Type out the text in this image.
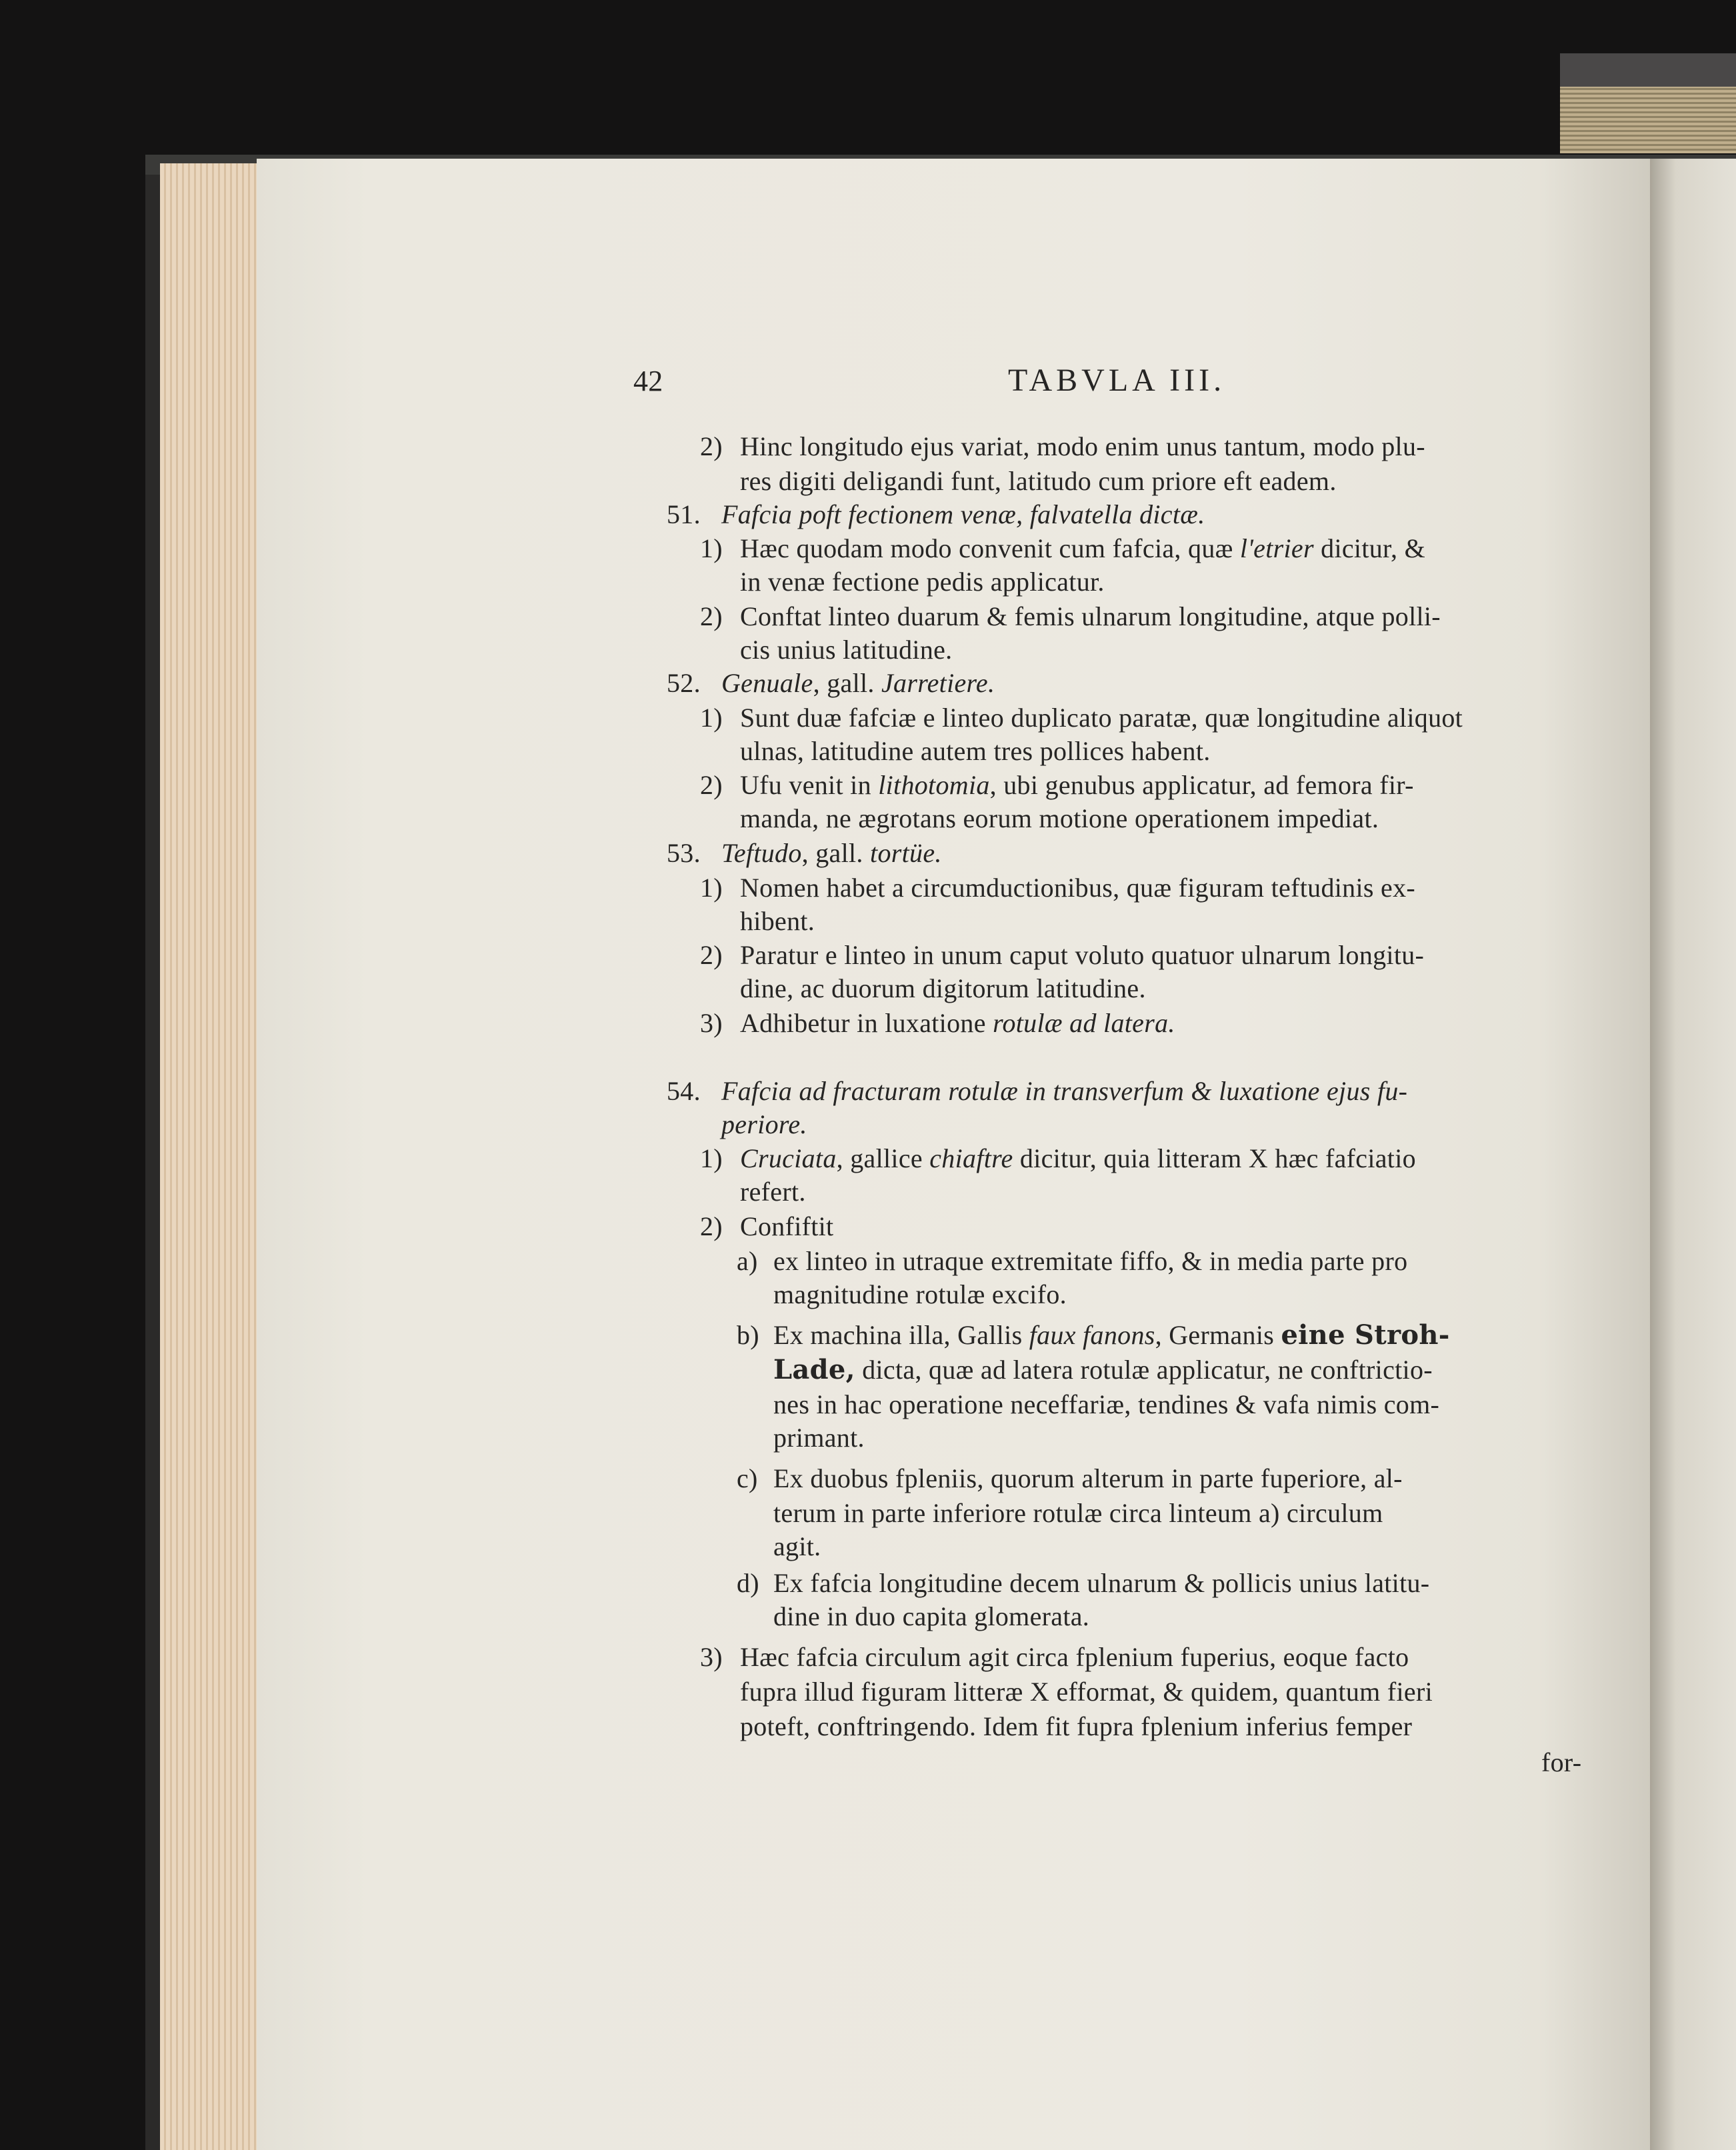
42	TABVLA III.
2) Hinc longitudo ejus variat, modo enim unus tantum, modo plu-
res digiti deligandi funt, latitudo cum priore eft eadem.
51. Fafcia poft fectionem venæ, falvatella dictæ.
1) Hæc quodam modo convenit cum fafcia, quæ l'etrier dicitur, &
in venæ fectione pedis applicatur.
2) Conftat linteo duarum & femis ulnarum longitudine, atque polli-
cis unius latitudine.
52. Genuale, gall. Jarretiere.
1) Sunt duæ fafciæ e linteo duplicato paratæ, quæ longitudine aliquot
ulnas, latitudine autem tres pollices habent.
2) Ufu venit in lithotomia, ubi genubus applicatur, ad femora fir-
manda, ne ægrotans eorum motione operationem impediat.
53. Teftudo, gall. tortüe.
1) Nomen habet a circumductionibus, quæ figuram teftudinis ex-
hibent.
2) Paratur e linteo in unum caput voluto quatuor ulnarum longitu-
dine, ac duorum digitorum latitudine.
3) Adhibetur in luxatione rotulæ ad latera.
54. Fafcia ad fracturam rotulæ in transverfum & luxatione ejus fu-
periore.
1) Cruciata, gallice chiaftre dicitur, quia litteram X hæc fafciatio
refert.
2) Confiftit
a) ex linteo in utraque extremitate fiffo, & in media parte pro
magnitudine rotulæ excifo.
b) Ex machina illa, Gallis faux fanons, Germanis eine Stroh-
Lade, dicta, quæ ad latera rotulæ applicatur, ne conftrictio-
nes in hac operatione neceffariæ, tendines & vafa nimis com-
primant.
c) Ex duobus fpleniis, quorum alterum in parte fuperiore, al-
terum in parte inferiore rotulæ circa linteum a) circulum
agit.
d) Ex fafcia longitudine decem ulnarum & pollicis unius latitu-
dine in duo capita glomerata.
3) Hæc fafcia circulum agit circa fplenium fuperius, eoque facto
fupra illud figuram litteræ X efformat, & quidem, quantum fieri
poteft, conftringendo. Idem fit fupra fplenium inferius femper
for-
